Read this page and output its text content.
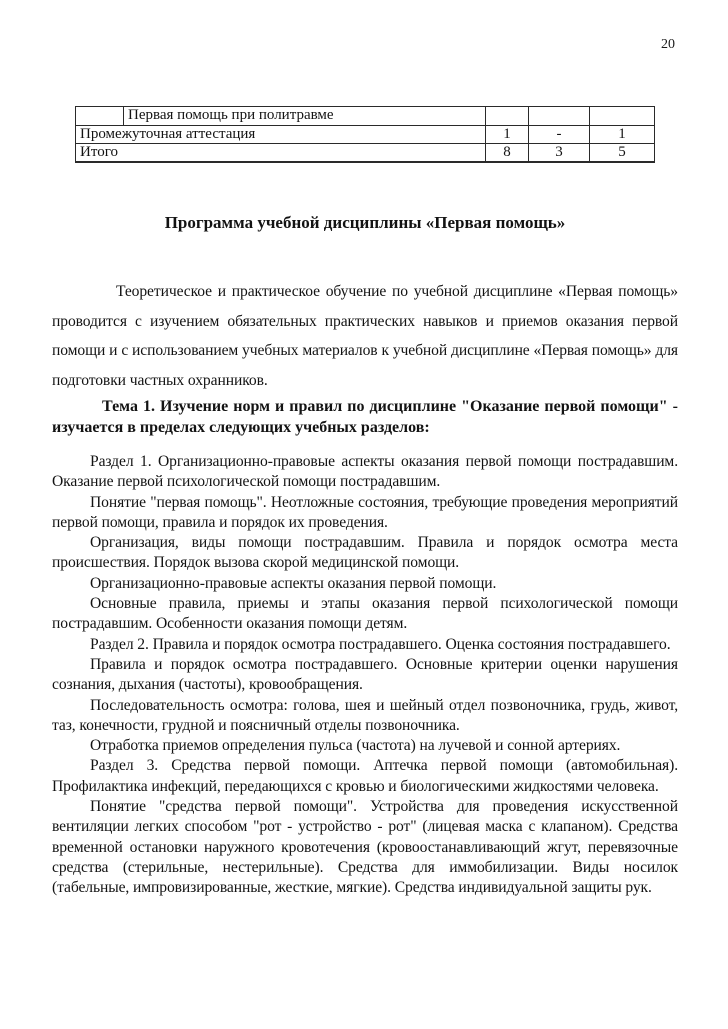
20
	Первая помощь при политравме			
Промежуточная аттестация		1	-	1
Итого		8	3	5
Программа учебной дисциплины «Первая помощь»

Теоретическое и практическое обучение по учебной дисциплине «Первая помощь» проводится с изучением обязательных практических навыков и приемов оказания первой помощи и с использованием учебных материалов к учебной дисциплине «Первая помощь» для подготовки частных охранников.

Тема 1. Изучение норм и правил по дисциплине "Оказание первой помощи" - изучается в пределах следующих учебных разделов:

Раздел 1. Организационно-правовые аспекты оказания первой помощи пострадавшим. Оказание первой психологической помощи пострадавшим.

Понятие "первая помощь". Неотложные состояния, требующие проведения мероприятий первой помощи, правила и порядок их проведения.

Организация, виды помощи пострадавшим. Правила и порядок осмотра места происшествия. Порядок вызова скорой медицинской помощи.

Организационно-правовые аспекты оказания первой помощи.

Основные правила, приемы и этапы оказания первой психологической помощи пострадавшим. Особенности оказания помощи детям.

Раздел 2. Правила и порядок осмотра пострадавшего. Оценка состояния пострадавшего.

Правила и порядок осмотра пострадавшего. Основные критерии оценки нарушения сознания, дыхания (частоты), кровообращения.

Последовательность осмотра: голова, шея и шейный отдел позвоночника, грудь, живот, таз, конечности, грудной и поясничный отделы позвоночника.

Отработка приемов определения пульса (частота) на лучевой и сонной артериях.

Раздел 3. Средства первой помощи. Аптечка первой помощи (автомобильная). Профилактика инфекций, передающихся с кровью и биологическими жидкостями человека.

Понятие "средства первой помощи". Устройства для проведения искусственной вентиляции легких способом "рот - устройство - рот" (лицевая маска с клапаном). Средства временной остановки наружного кровотечения (кровоостанавливающий жгут, перевязочные средства (стерильные, нестерильные). Средства для иммобилизации. Виды носилок (табельные, импровизированные, жесткие, мягкие). Средства индивидуальной защиты рук.
